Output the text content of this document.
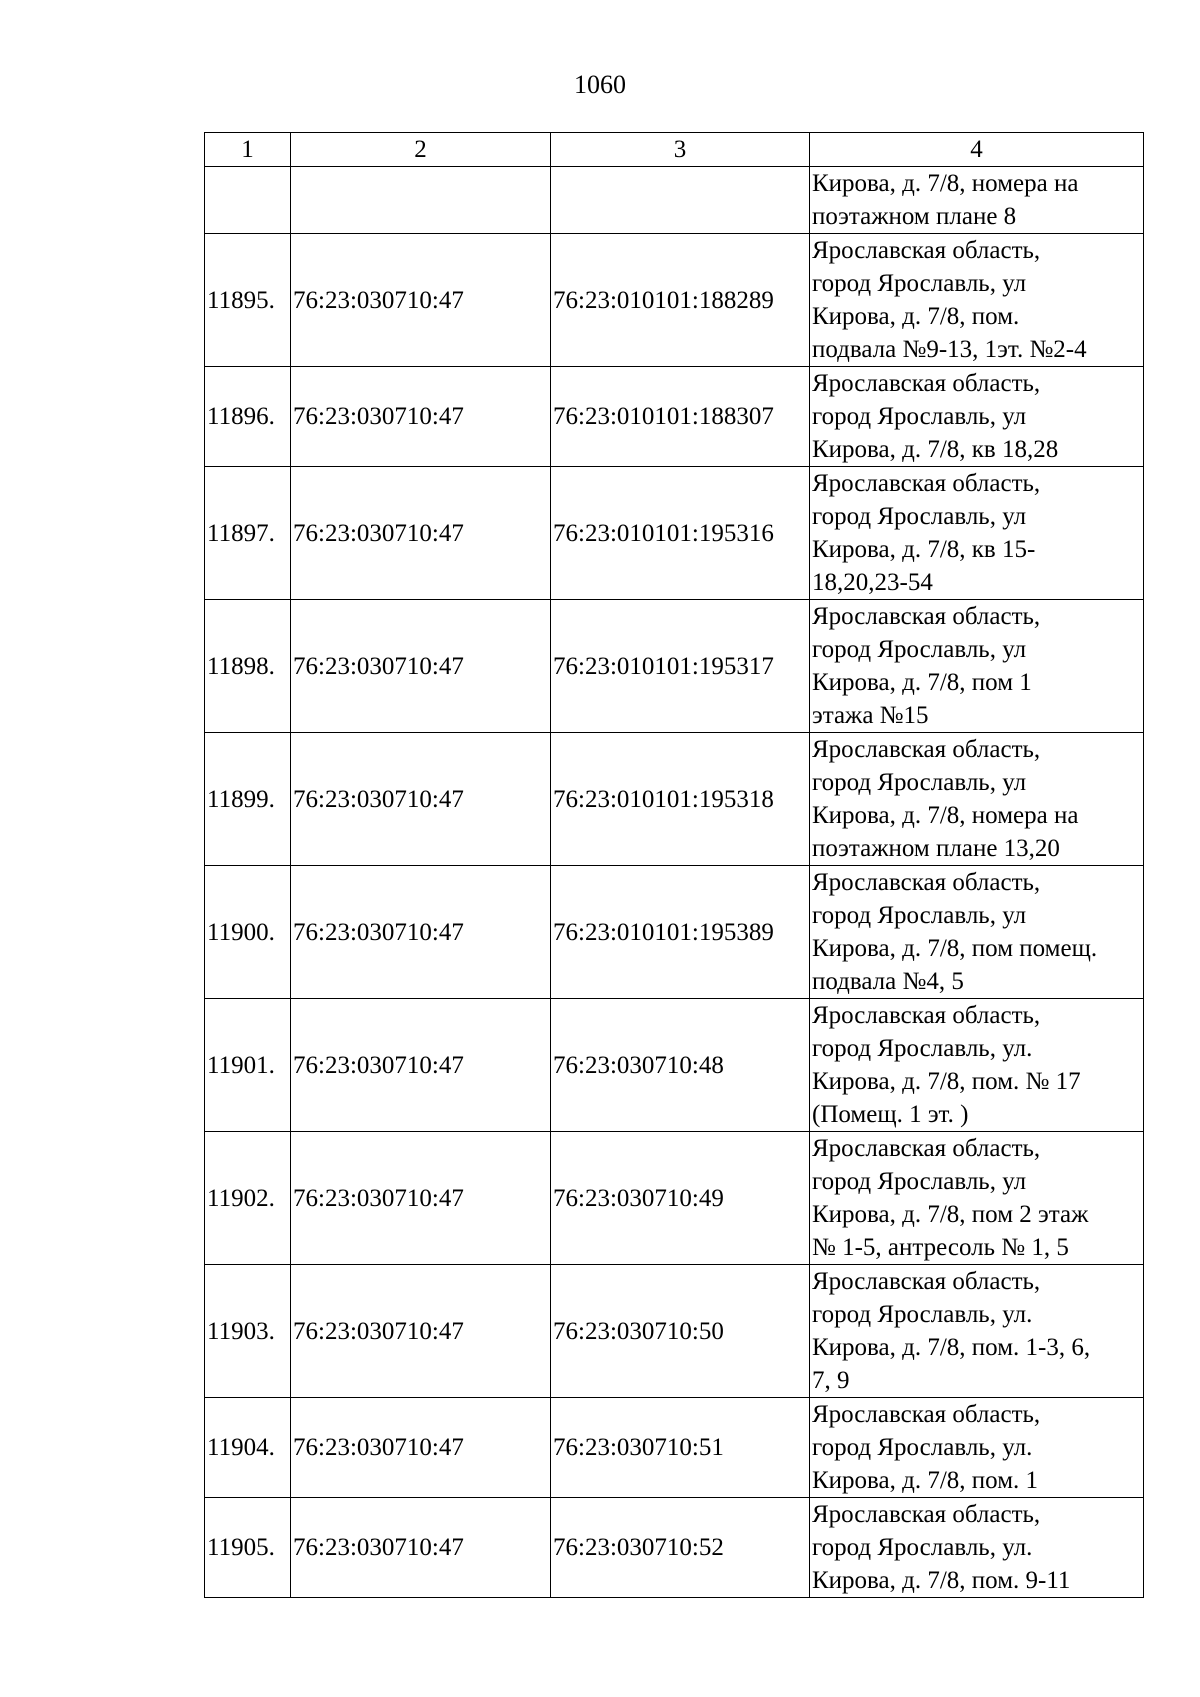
1060
1	2	3	4

			Кирова, д. 7/8, номера на
поэтажном плане 8

11895.	76:23:030710:47	76:23:010101:188289	Ярославская область,
город Ярославль, ул
Кирова, д. 7/8, пом.
подвала №9-13, 1эт. №2-4

11896.	76:23:030710:47	76:23:010101:188307	Ярославская область,
город Ярославль, ул
Кирова, д. 7/8, кв 18,28

11897.	76:23:030710:47	76:23:010101:195316	Ярославская область,
город Ярославль, ул
Кирова, д. 7/8, кв 15-
18,20,23-54

11898.	76:23:030710:47	76:23:010101:195317	Ярославская область,
город Ярославль, ул
Кирова, д. 7/8, пом 1
этажа №15

11899.	76:23:030710:47	76:23:010101:195318	Ярославская область,
город Ярославль, ул
Кирова, д. 7/8, номера на
поэтажном плане 13,20

11900.	76:23:030710:47	76:23:010101:195389	Ярославская область,
город Ярославль, ул
Кирова, д. 7/8, пом помещ.
подвала №4, 5

11901.	76:23:030710:47	76:23:030710:48	Ярославская область,
город Ярославль, ул.
Кирова, д. 7/8, пом. № 17
(Помещ. 1 эт. )

11902.	76:23:030710:47	76:23:030710:49	Ярославская область,
город Ярославль, ул
Кирова, д. 7/8, пом 2 этаж
№ 1-5, антресоль № 1, 5

11903.	76:23:030710:47	76:23:030710:50	Ярославская область,
город Ярославль, ул.
Кирова, д. 7/8, пом. 1-3, 6,
7, 9

11904.	76:23:030710:47	76:23:030710:51	Ярославская область,
город Ярославль, ул.
Кирова, д. 7/8, пом. 1

11905.	76:23:030710:47	76:23:030710:52	Ярославская область,
город Ярославль, ул.
Кирова, д. 7/8, пом. 9-11
